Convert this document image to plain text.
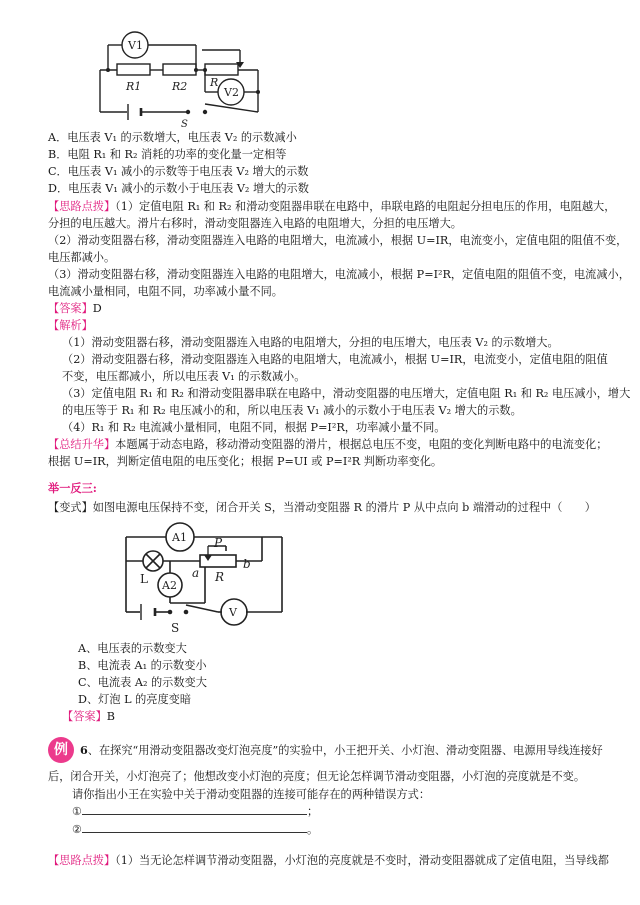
V1
V2
R1	R2 R
S
A．电压表 V₁ 的示数增大，电压表 V₂ 的示数减小
B．电阻 R₁ 和 R₂ 消耗的功率的变化量一定相等
C．电压表 V₁ 减小的示数等于电压表 V₂ 增大的示数
D．电压表 V₁ 减小的示数小于电压表 V₂ 增大的示数
【思路点拨】（1）定值电阻 R₁ 和 R₂ 和滑动变阻器串联在电路中，串联电路的电阻起分担电压的作用，电阻越大，
分担的电压越大。滑片右移时，滑动变阻器连入电路的电阻增大，分担的电压增大。
（2）滑动变阻器右移，滑动变阻器连入电路的电阻增大，电流减小，根据 U=IR，电流变小，定值电阻的阻值不变，
电压都减小。
（3）滑动变阻器右移，滑动变阻器连入电路的电阻增大，电流减小，根据 P=I²R，定值电阻的阻值不变，电流减小，
电流减小量相同，电阻不同，功率减小量不同。
【答案】D
【解析】
（1）滑动变阻器右移，滑动变阻器连入电路的电阻增大，分担的电压增大，电压表 V₂ 的示数增大。
（2）滑动变阻器右移，滑动变阻器连入电路的电阻增大，电流减小，根据 U=IR，电流变小，定值电阻的阻值
不变，电压都减小，所以电压表 V₁ 的示数减小。
（3）定值电阻 R₁ 和 R₂ 和滑动变阻器串联在电路中，滑动变阻器的电压增大，定值电阻 R₁ 和 R₂ 电压减小，增大
的电压等于 R₁ 和 R₂ 电压减小的和，所以电压表 V₁ 减小的示数小于电压表 V₂ 增大的示数。
（4）R₁ 和 R₂ 电流减小量相同，电阻不同，根据 P=I²R，功率减小量不同。
【总结升华】本题属于动态电路，移动滑动变阻器的滑片，根据总电压不变，电阻的变化判断电路中的电流变化；
根据 U=IR，判断定值电阻的电压变化；根据 P=UI 或 P=I²R 判断功率变化。
举一反三:
【变式】如图电源电压保持不变，闭合开关 S，当滑动变阻器 R 的滑片 P 从中点向 b 端滑动的过程中（　　）
A1
A2
V
P
R
a
b
L
S
A、电压表的示数变大
B、电流表 A₁ 的示数变小
C、电流表 A₂ 的示数变大
D、灯泡 L 的亮度变暗
【答案】B
例	6、在探究“用滑动变阻器改变灯泡亮度”的实验中，小王把开关、小灯泡、滑动变阻器、电源用导线连接好
后，闭合开关，小灯泡亮了；他想改变小灯泡的亮度；但无论怎样调节滑动变阻器，小灯泡的亮度就是不变。
请你指出小王在实验中关于滑动变阻器的连接可能存在的两种错误方式：
①	；
②	。
【思路点拨】（1）当无论怎样调节滑动变阻器，小灯泡的亮度就是不变时，滑动变阻器就成了定值电阻，当导线都
